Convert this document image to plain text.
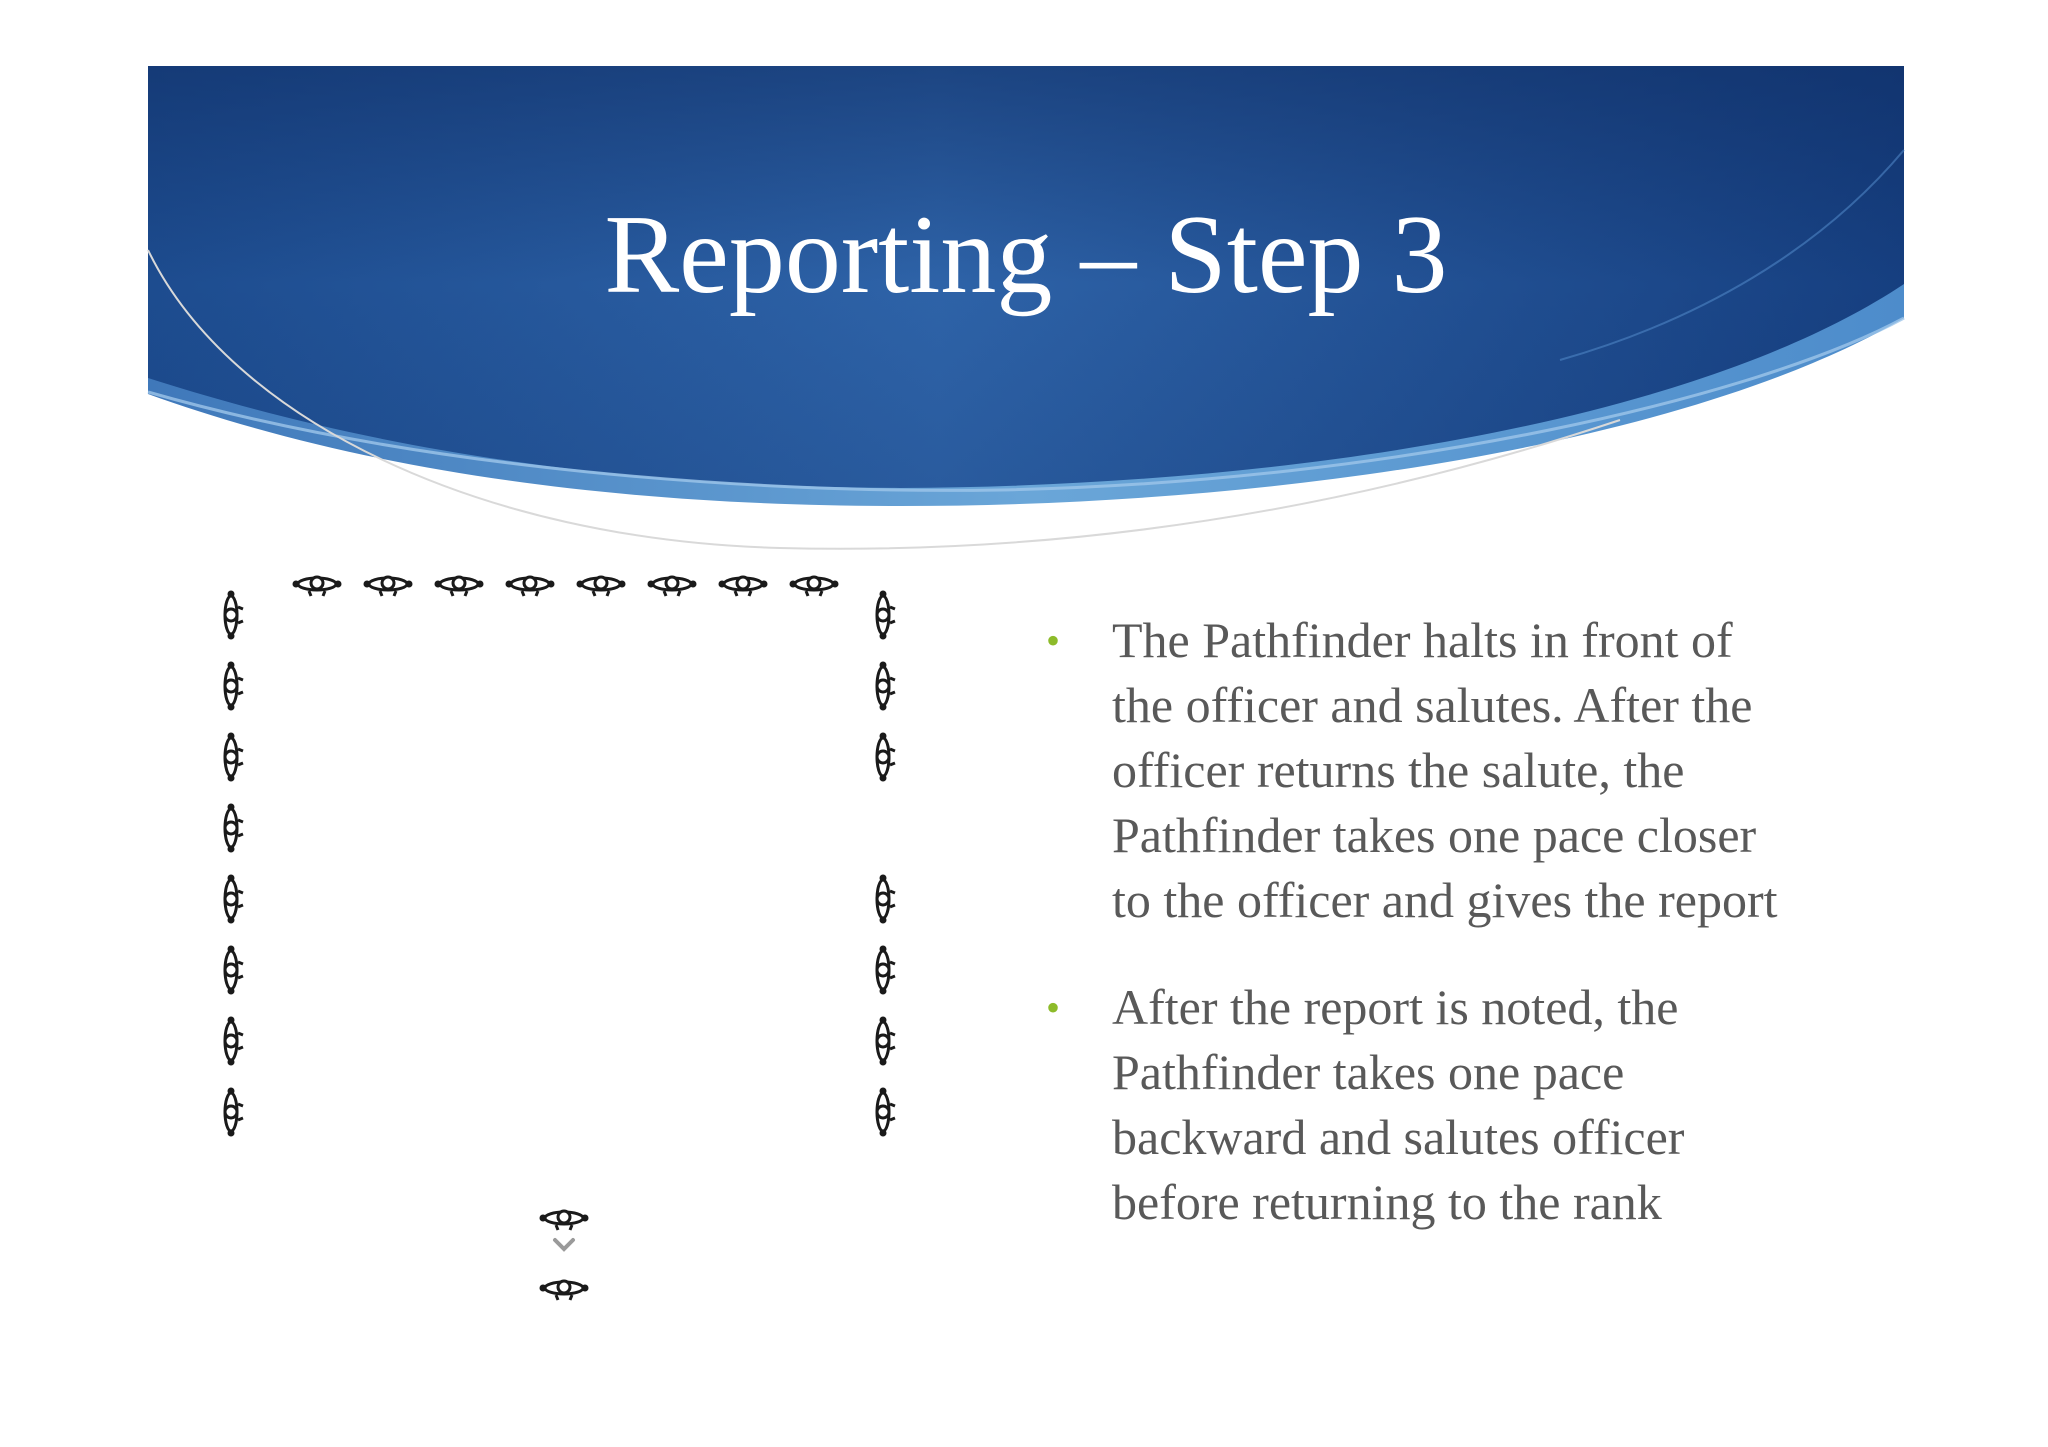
Reporting – Step 3
• The Pathfinder halts in front of the officer and salutes. After the officer returns the salute, the Pathfinder takes one pace closer to the officer and gives the report
• After the report is noted, the Pathfinder takes one pace backward and salutes officer before returning to the rank
